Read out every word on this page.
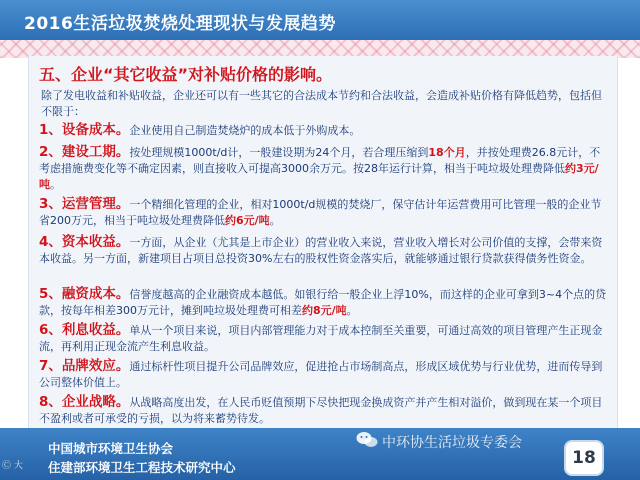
2016生活垃圾焚烧处理现状与发展趋势
五、企业“其它收益”对补贴价格的影响。
除了发电收益和补贴收益，企业还可以有一些其它的合法成本节约和合法收益，会造成补贴价格有降低趋势，包括但不限于：
1、设备成本。企业使用自己制造焚烧炉的成本低于外购成本。
2、建设工期。按处理规模1000t/d计，一般建设期为24个月，若合理压缩到18个月，并按处理费26.8元计，不考虑措施费变化等不确定因素，则直接收入可提高3000余万元。按28年运行计算，相当于吨垃圾处理费降低约3元/吨。
3、运营管理。一个精细化管理的企业，相对1000t/d规模的焚烧厂，保守估计年运营费用可比管理一般的企业节省200万元，相当于吨垃圾处理费降低约6元/吨。
4、资本收益。一方面，从企业（尤其是上市企业）的营业收入来说，营业收入增长对公司价值的支撑，会带来资本收益。另一方面，新建项目占项目总投资30%左右的股权性资金落实后，就能够通过银行贷款获得债务性资金。
5、融资成本。信誉度越高的企业融资成本越低。如银行给一般企业上浮10%，而这样的企业可拿到3~4个点的贷款，按每年相差300万元计，摊到吨垃圾处理费可相差约8元/吨。
6、利息收益。单从一个项目来说，项目内部管理能力对于成本控制至关重要，可通过高效的项目管理产生正现金流，再利用正现金流产生利息收益。
7、品牌效应。通过标杆性项目提升公司品牌效应，促进抢占市场制高点，形成区域优势与行业优势，进而传导到公司整体价值上。
8、企业战略。从战略高度出发，在人民币贬值预期下尽快把现金换成资产并产生相对溢价，做到现在某一个项目不盈利或者可承受的亏损，以为将来蓄势待发。
中国城市环境卫生协会
住建部环境卫生工程技术研究中心
Ⓒ 大
中环协生活垃圾专委会
18
